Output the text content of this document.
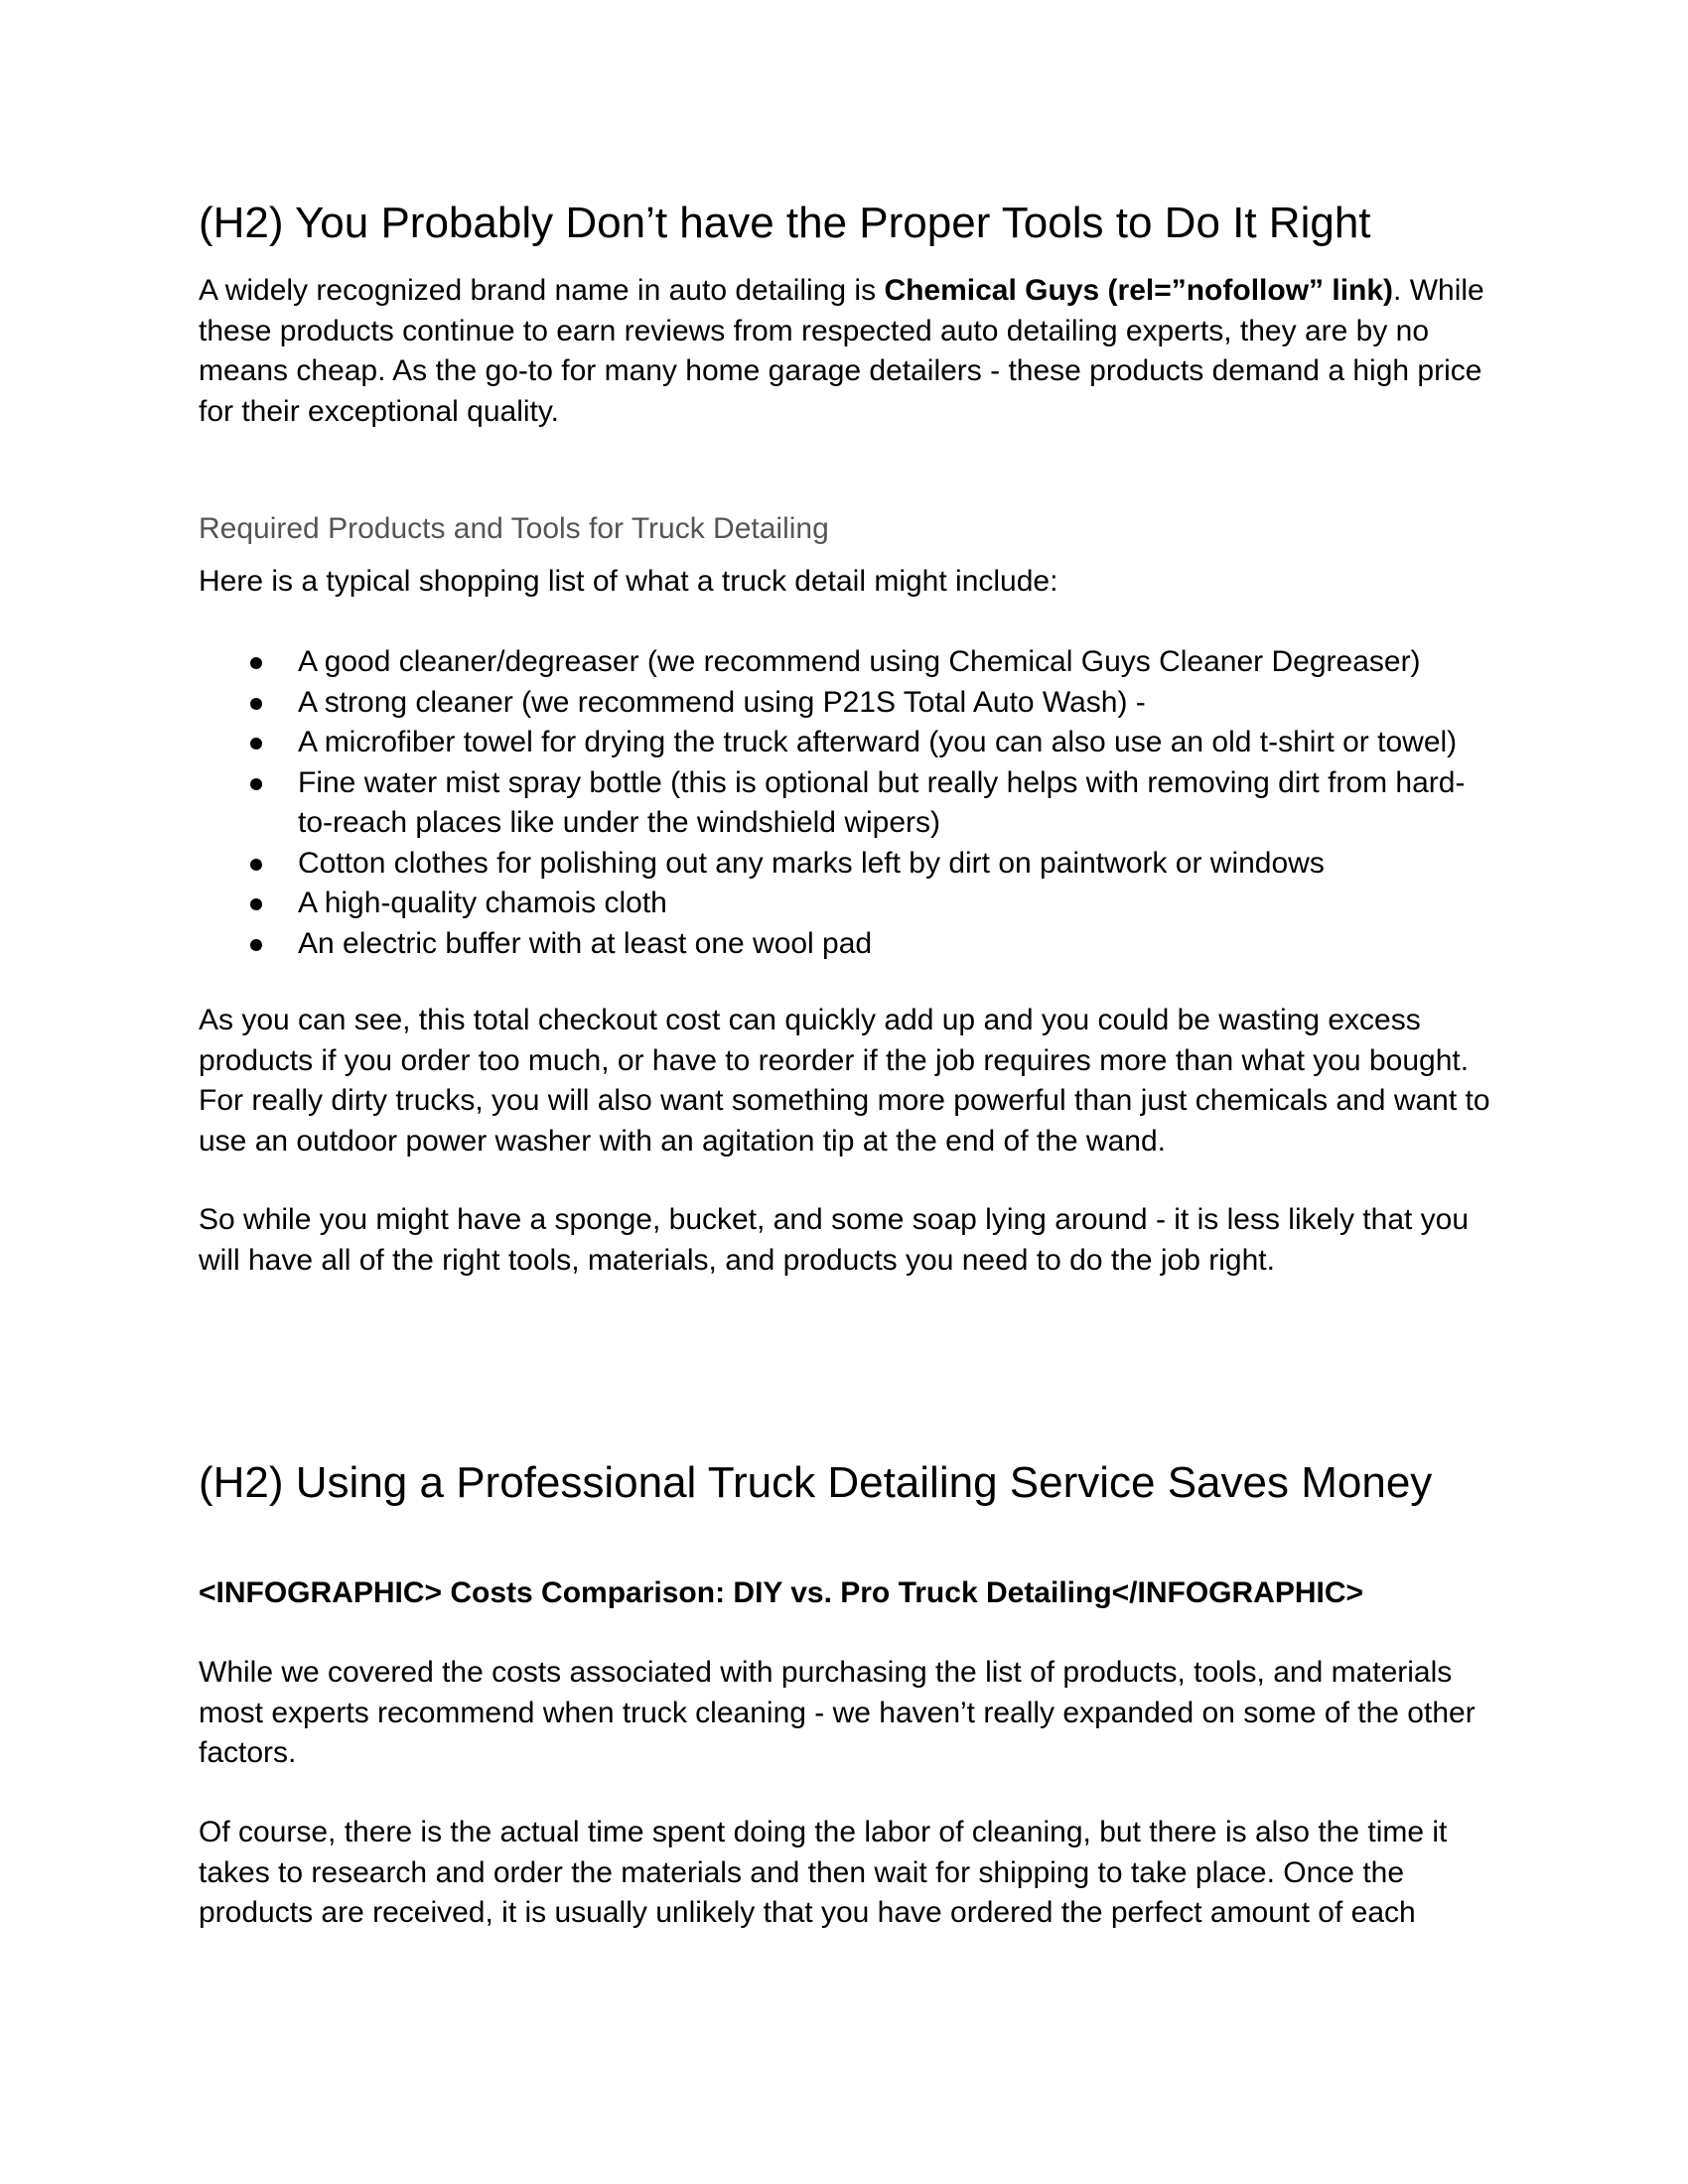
(H2) You Probably Don’t have the Proper Tools to Do It Right

A widely recognized brand name in auto detailing is Chemical Guys (rel=”nofollow” link). While these products continue to earn reviews from respected auto detailing experts, they are by no means cheap. As the go-to for many home garage detailers - these products demand a high price for their exceptional quality.

Required Products and Tools for Truck Detailing

Here is a typical shopping list of what a truck detail might include:

A good cleaner/degreaser (we recommend using Chemical Guys Cleaner Degreaser)
A strong cleaner (we recommend using P21S Total Auto Wash) -
A microfiber towel for drying the truck afterward (you can also use an old t-shirt or towel)
Fine water mist spray bottle (this is optional but really helps with removing dirt from hard-to-reach places like under the windshield wipers)
Cotton clothes for polishing out any marks left by dirt on paintwork or windows
A high-quality chamois cloth
An electric buffer with at least one wool pad

As you can see, this total checkout cost can quickly add up and you could be wasting excess products if you order too much, or have to reorder if the job requires more than what you bought. For really dirty trucks, you will also want something more powerful than just chemicals and want to use an outdoor power washer with an agitation tip at the end of the wand.

So while you might have a sponge, bucket, and some soap lying around - it is less likely that you will have all of the right tools, materials, and products you need to do the job right.

(H2) Using a Professional Truck Detailing Service Saves Money

<INFOGRAPHIC> Costs Comparison: DIY vs. Pro Truck Detailing</INFOGRAPHIC>

While we covered the costs associated with purchasing the list of products, tools, and materials most experts recommend when truck cleaning - we haven’t really expanded on some of the other factors.

Of course, there is the actual time spent doing the labor of cleaning, but there is also the time it takes to research and order the materials and then wait for shipping to take place. Once the products are received, it is usually unlikely that you have ordered the perfect amount of each
